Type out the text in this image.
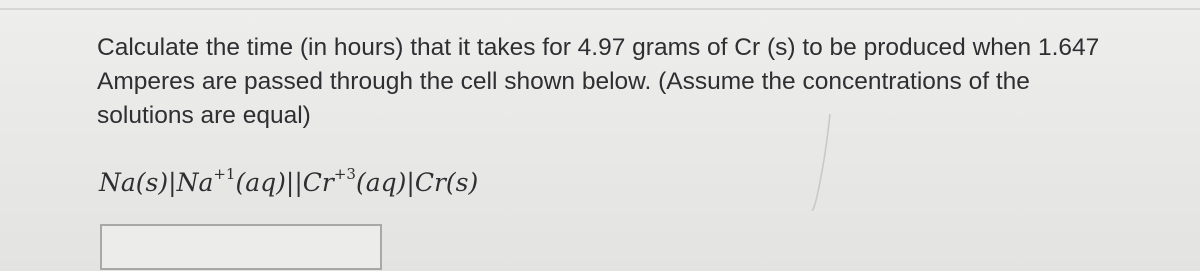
Calculate the time (in hours) that it takes for 4.97 grams of Cr (s) to be produced when 1.647
Amperes are passed through the cell shown below. (Assume the concentrations of the
solutions are equal)

$Na(s)|Na^{+1}(aq)||Cr^{+3}(aq)|Cr(s)$
